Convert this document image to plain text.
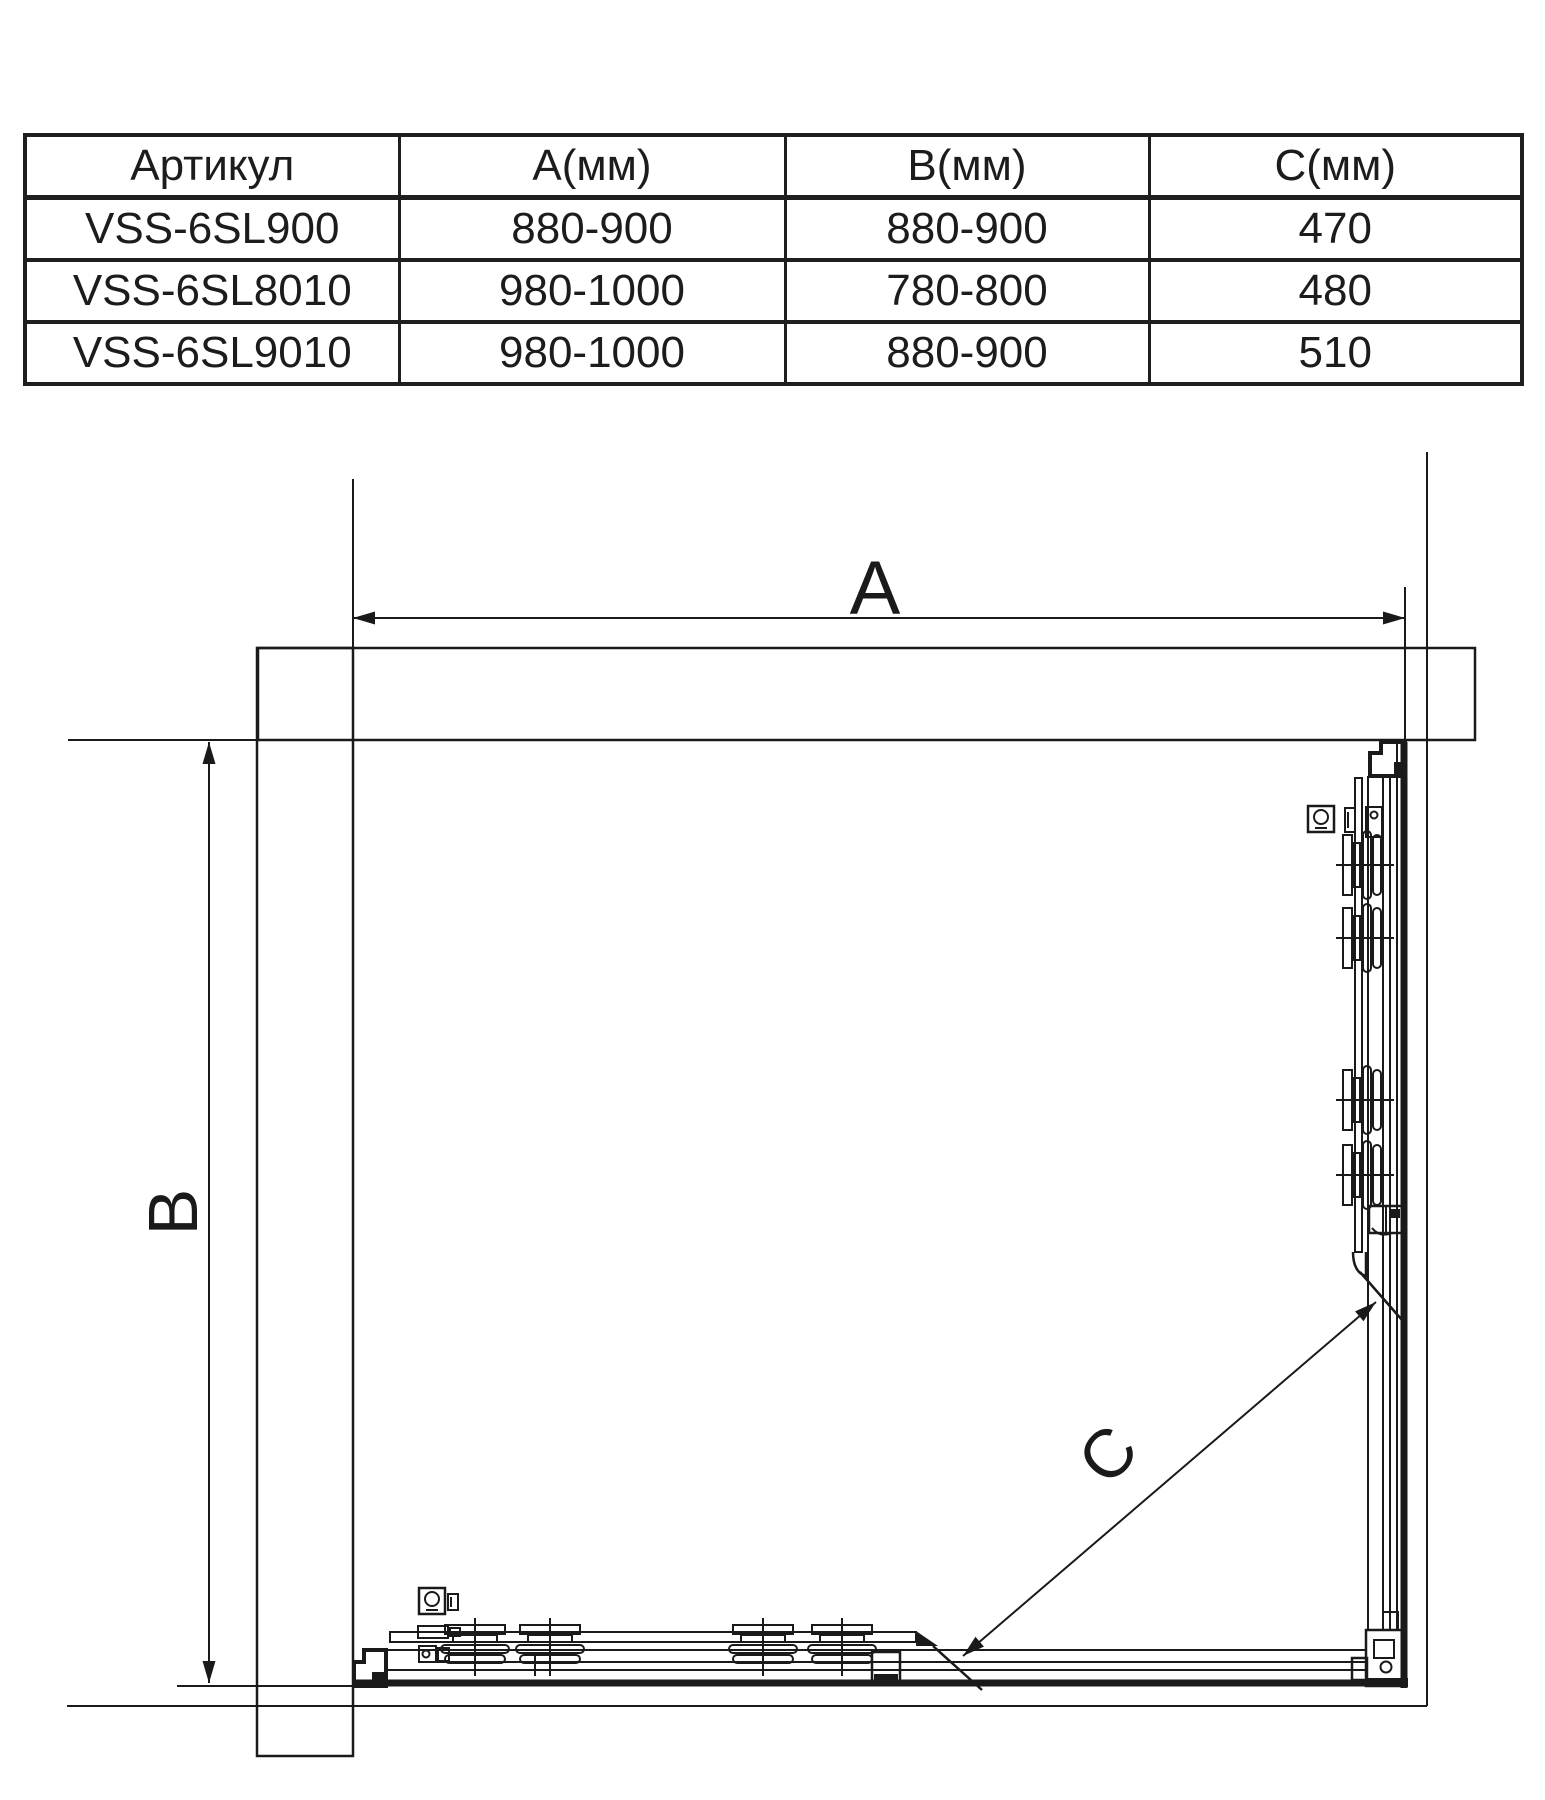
Артикул	А(мм)	В(мм)	С(мм)
VSS-6SL900	880-900	880-900	470
VSS-6SL8010	980-1000	780-800	480
VSS-6SL9010	980-1000	880-900	510
A
B
C
